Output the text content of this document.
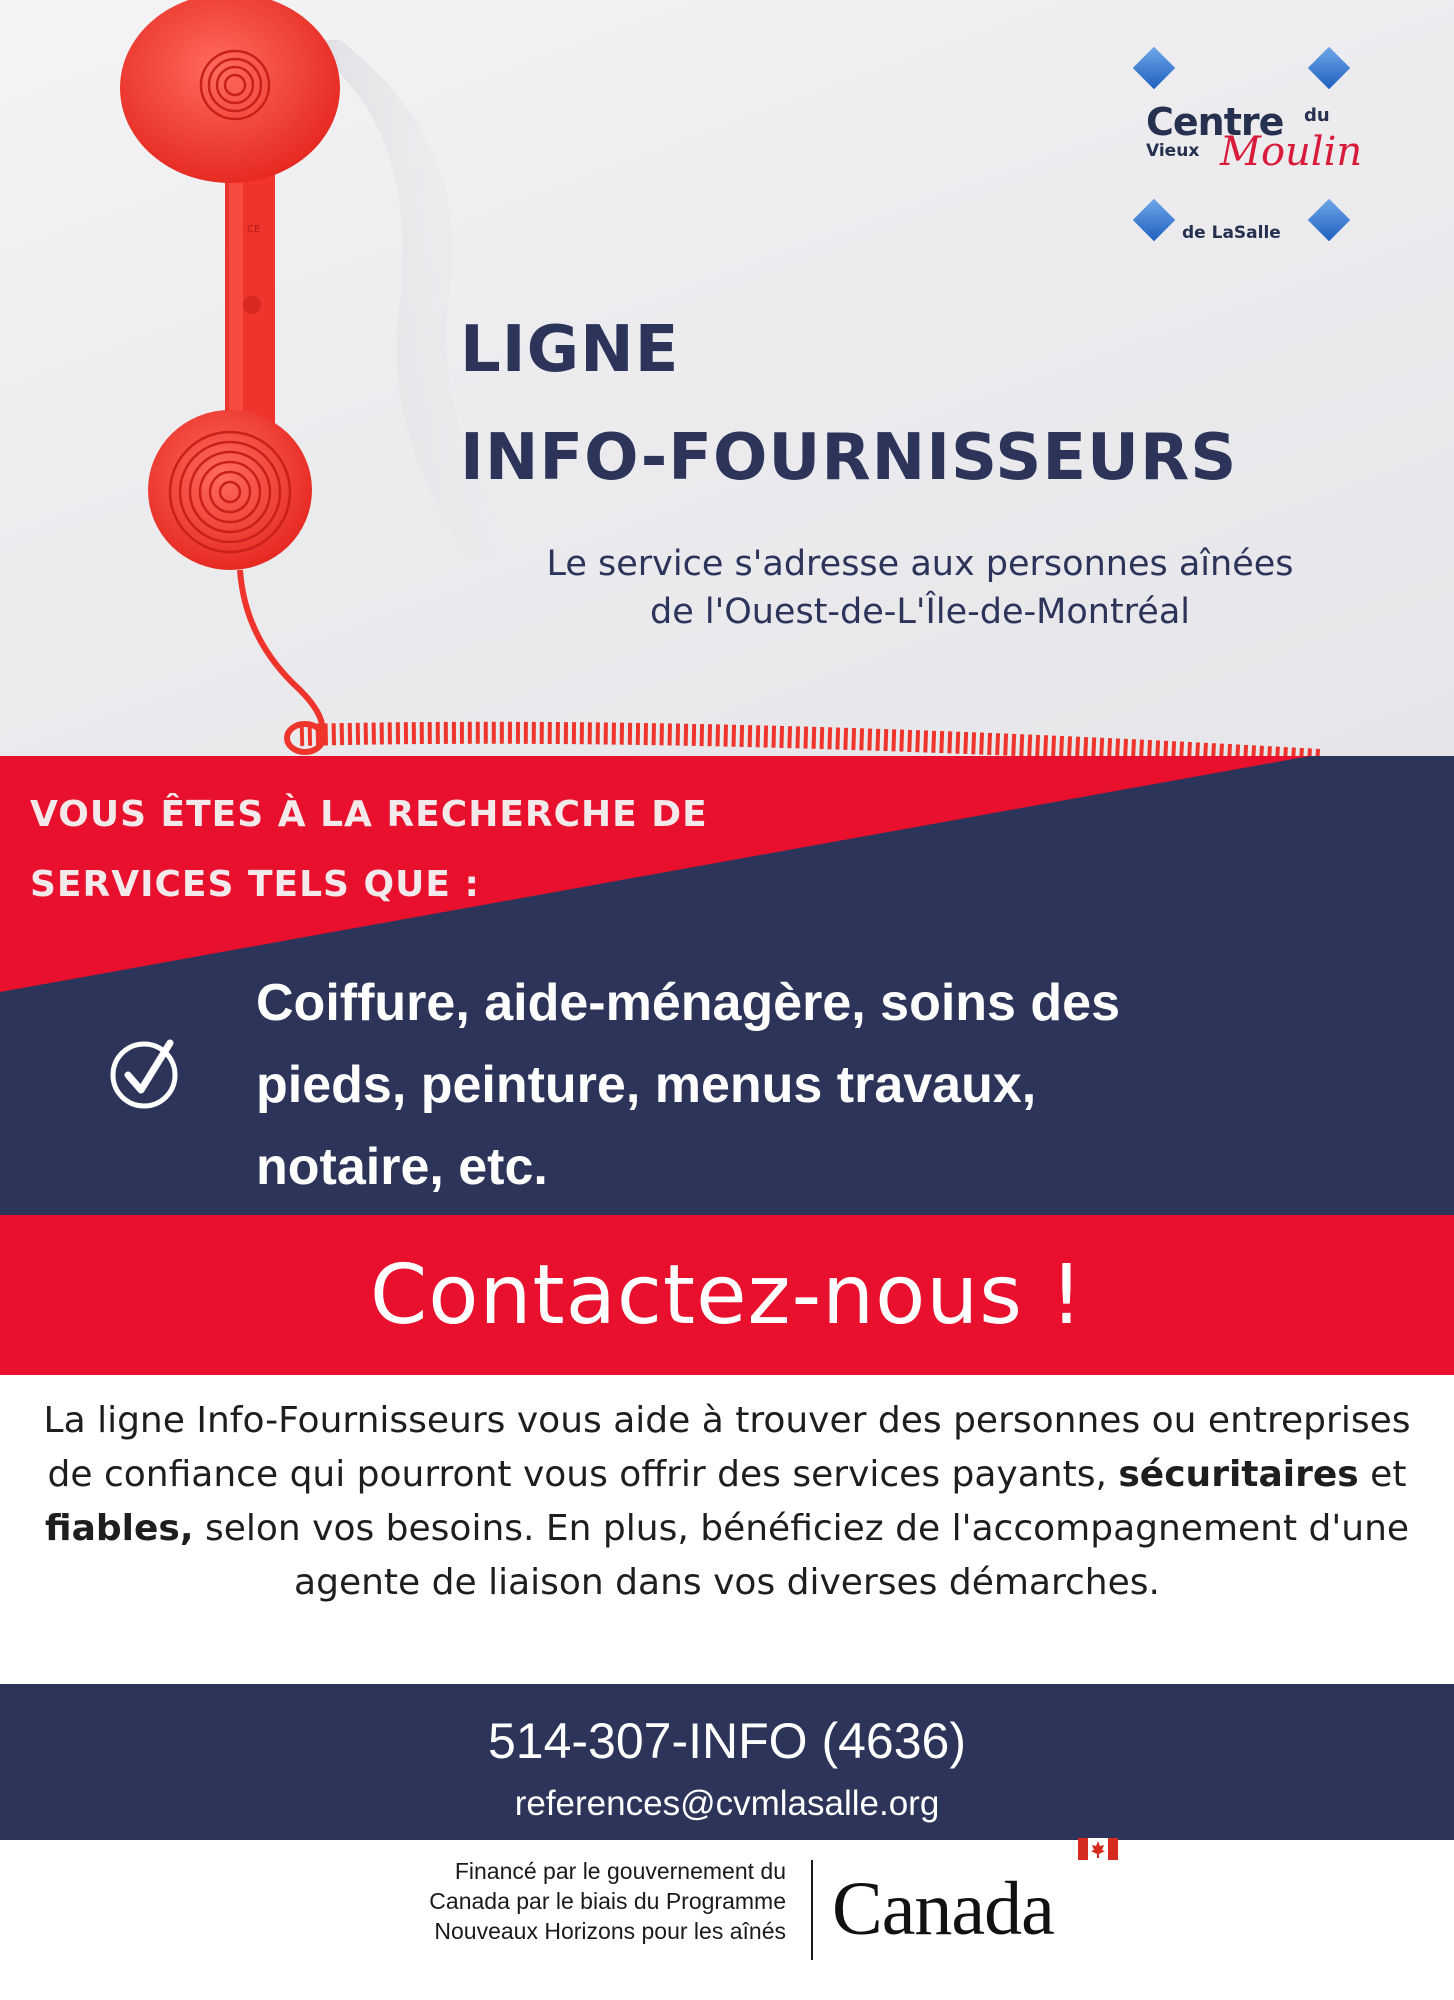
CE
Centre du
Vieux Moulin
de LaSalle
LIGNE
INFO-FOURNISSEURS

Le service s'adresse aux personnes aînées
de l'Ouest-de-L'Île-de-Montréal

VOUS ÊTES À LA RECHERCHE DE
SERVICES TELS QUE :

Coiffure, aide-ménagère, soins des
pieds, peinture, menus travaux,
notaire, etc.

Contactez-nous !

La ligne Info-Fournisseurs vous aide à trouver des personnes ou entreprises de confiance qui pourront vous offrir des services payants, sécuritaires et fiables, selon vos besoins. En plus, bénéficiez de l'accompagnement d'une agente de liaison dans vos diverses démarches.

514-307-INFO (4636)
references@cvmlasalle.org

Financé par le gouvernement du
Canada par le biais du Programme
Nouveaux Horizons pour les aînés Canada
